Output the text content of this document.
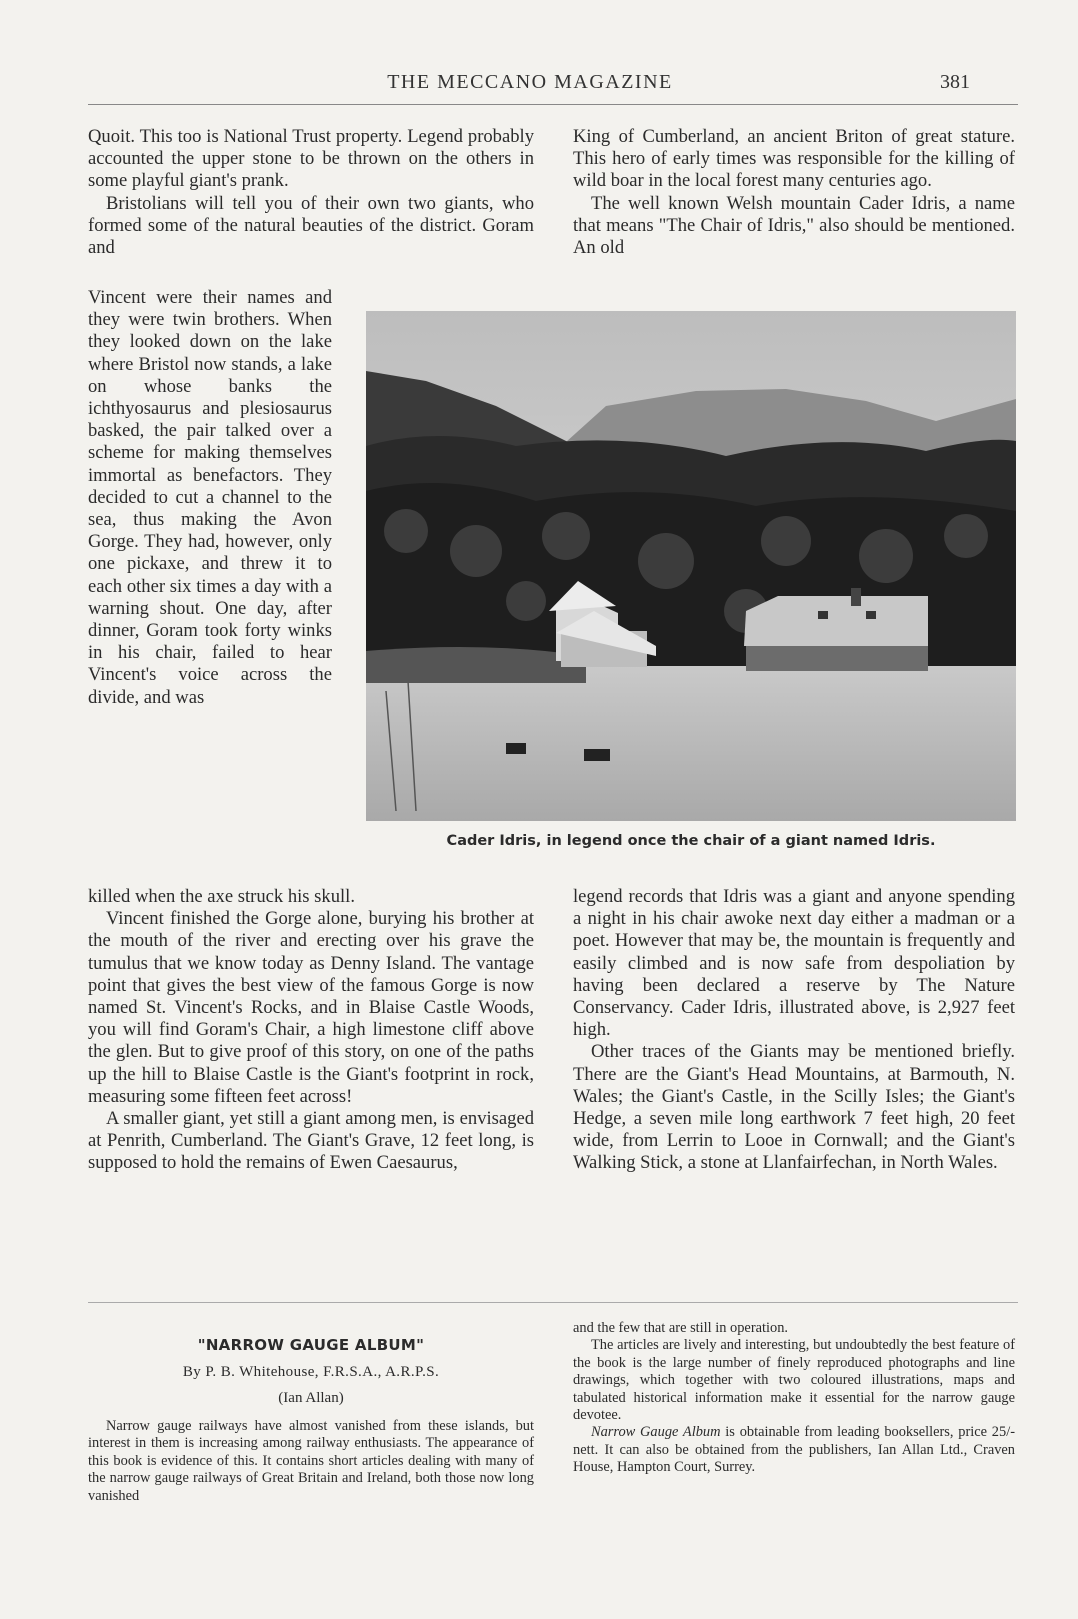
THE MECCANO MAGAZINE	381

Quoit. This too is National Trust property. Legend probably accounted the upper stone to be thrown on the others in some playful giant's prank.

Bristolians will tell you of their own two giants, who formed some of the natural beauties of the district. Goram and

Vincent were their names and they were twin brothers. When they looked down on the lake where Bristol now stands, a lake on whose banks the ichthyosaurus and plesiosaurus basked, the pair talked over a scheme for making themselves immortal as benefactors. They decided to cut a channel to the sea, thus making the Avon Gorge. They had, however, only one pickaxe, and threw it to each other six times a day with a warning shout. One day, after dinner, Goram took forty winks in his chair, failed to hear Vincent's voice across the divide, and was

killed when the axe struck his skull.

Vincent finished the Gorge alone, burying his brother at the mouth of the river and erecting over his grave the tumulus that we know today as Denny Island. The vantage point that gives the best view of the famous Gorge is now named St. Vincent's Rocks, and in Blaise Castle Woods, you will find Goram's Chair, a high limestone cliff above the glen. But to give proof of this story, on one of the paths up the hill to Blaise Castle is the Giant's footprint in rock, measuring some fifteen feet across!

A smaller giant, yet still a giant among men, is envisaged at Penrith, Cumberland. The Giant's Grave, 12 feet long, is supposed to hold the remains of Ewen Caesaurus,

King of Cumberland, an ancient Briton of great stature. This hero of early times was responsible for the killing of wild boar in the local forest many centuries ago.

The well known Welsh mountain Cader Idris, a name that means "The Chair of Idris," also should be mentioned. An old

Cader Idris, in legend once the chair of a giant named Idris.

legend records that Idris was a giant and anyone spending a night in his chair awoke next day either a madman or a poet. However that may be, the mountain is frequently and easily climbed and is now safe from despoliation by having been declared a reserve by The Nature Conservancy. Cader Idris, illustrated above, is 2,927 feet high.

Other traces of the Giants may be mentioned briefly. There are the Giant's Head Mountains, at Barmouth, N. Wales; the Giant's Castle, in the Scilly Isles; the Giant's Hedge, a seven mile long earthwork 7 feet high, 20 feet wide, from Lerrin to Looe in Cornwall; and the Giant's Walking Stick, a stone at Llanfairfechan, in North Wales.

"NARROW GAUGE ALBUM"
By P. B. Whitehouse, F.R.S.A., A.R.P.S.
(Ian Allan)

Narrow gauge railways have almost vanished from these islands, but interest in them is increasing among railway enthusiasts. The appearance of this book is evidence of this. It contains short articles dealing with many of the narrow gauge railways of Great Britain and Ireland, both those now long vanished

and the few that are still in operation.

The articles are lively and interesting, but undoubtedly the best feature of the book is the large number of finely reproduced photographs and line drawings, which together with two coloured illustrations, maps and tabulated historical information make it essential for the narrow gauge devotee.

Narrow Gauge Album is obtainable from leading booksellers, price 25/- nett. It can also be obtained from the publishers, Ian Allan Ltd., Craven House, Hampton Court, Surrey.
